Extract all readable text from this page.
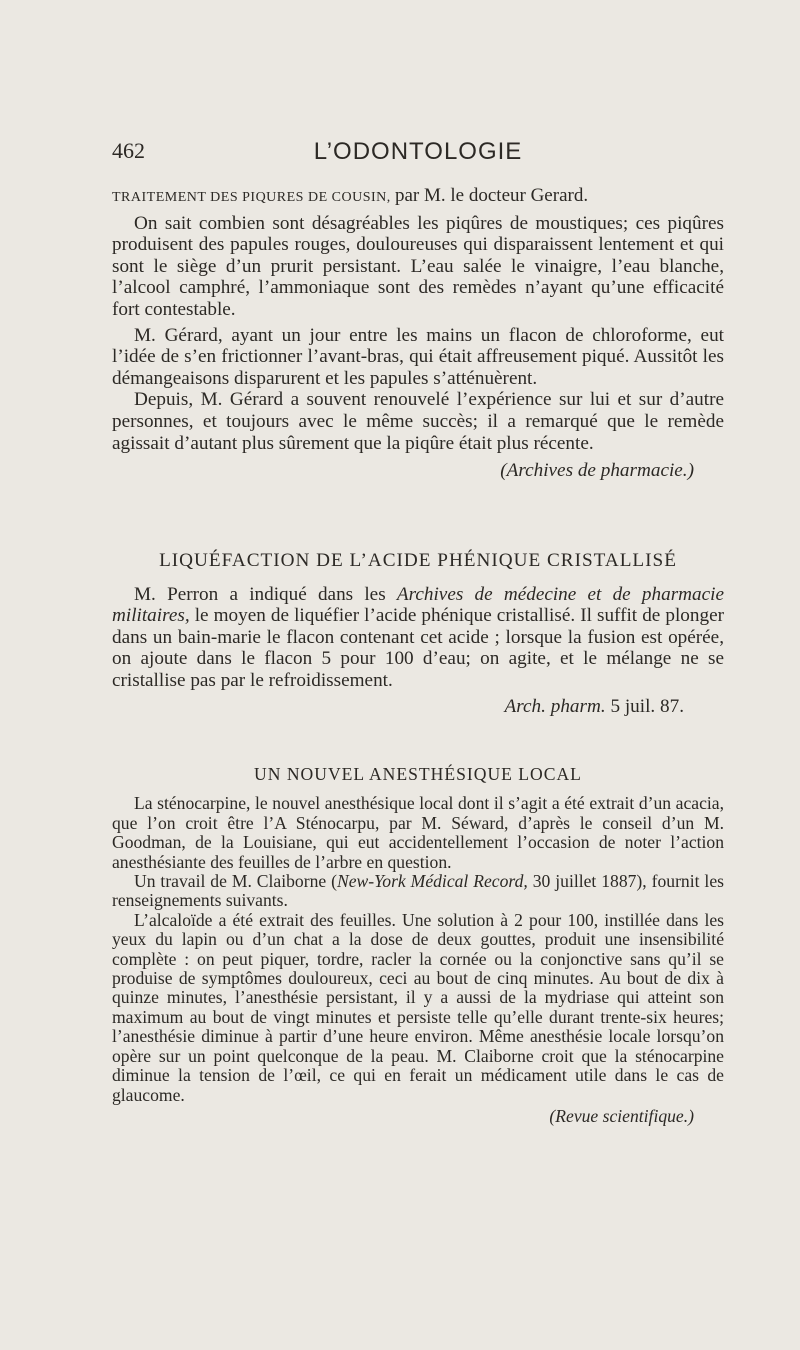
462	L’ODONTOLOGIE

TRAITEMENT DES PIQURES DE COUSIN, par M. le docteur Gerard.

On sait combien sont désagréables les piqûres de moustiques; ces piqûres produisent des papules rouges, douloureuses qui disparaissent lentement et qui sont le siège d’un prurit persistant. L’eau salée le vinaigre, l’eau blanche, l’alcool camphré, l’ammoniaque sont des remèdes n’ayant qu’une efficacité fort contestable.

M. Gérard, ayant un jour entre les mains un flacon de chloroforme, eut l’idée de s’en frictionner l’avant-bras, qui était affreusement piqué. Aussitôt les démangeaisons disparurent et les papules s’atténuèrent.

Depuis, M. Gérard a souvent renouvelé l’expérience sur lui et sur d’autre personnes, et toujours avec le même succès; il a remarqué que le remède agissait d’autant plus sûrement que la piqûre était plus récente.

(Archives de pharmacie.)

LIQUÉFACTION DE L’ACIDE PHÉNIQUE CRISTALLISÉ

M. Perron a indiqué dans les Archives de médecine et de pharmacie militaires, le moyen de liquéfier l’acide phénique cristallisé. Il suffit de plonger dans un bain-marie le flacon contenant cet acide ; lorsque la fusion est opérée, on ajoute dans le flacon 5 pour 100 d’eau; on agite, et le mélange ne se cristallise pas par le refroidissement.

Arch. pharm. 5 juil. 87.

UN NOUVEL ANESTHÉSIQUE LOCAL

La sténocarpine, le nouvel anesthésique local dont il s’agit a été extrait d’un acacia, que l’on croit être l’A Sténocarpu, par M. Séward, d’après le conseil d’un M. Goodman, de la Louisiane, qui eut accidentellement l’occasion de noter l’action anesthésiante des feuilles de l’arbre en question.

Un travail de M. Claiborne (New-York Médical Record, 30 juillet 1887), fournit les renseignements suivants.

L’alcaloïde a été extrait des feuilles. Une solution à 2 pour 100, instillée dans les yeux du lapin ou d’un chat a la dose de deux gouttes, produit une insensibilité complète : on peut piquer, tordre, racler la cornée ou la conjonctive sans qu’il se produise de symptômes douloureux, ceci au bout de cinq minutes. Au bout de dix à quinze minutes, l’anesthésie persistant, il y a aussi de la mydriase qui atteint son maximum au bout de vingt minutes et persiste telle qu’elle durant trente-six heures; l’anesthésie diminue à partir d’une heure environ. Même anesthésie locale lorsqu’on opère sur un point quelconque de la peau. M. Claiborne croit que la sténocarpine diminue la tension de l’œil, ce qui en ferait un médicament utile dans le cas de glaucome.

(Revue scientifique.)
